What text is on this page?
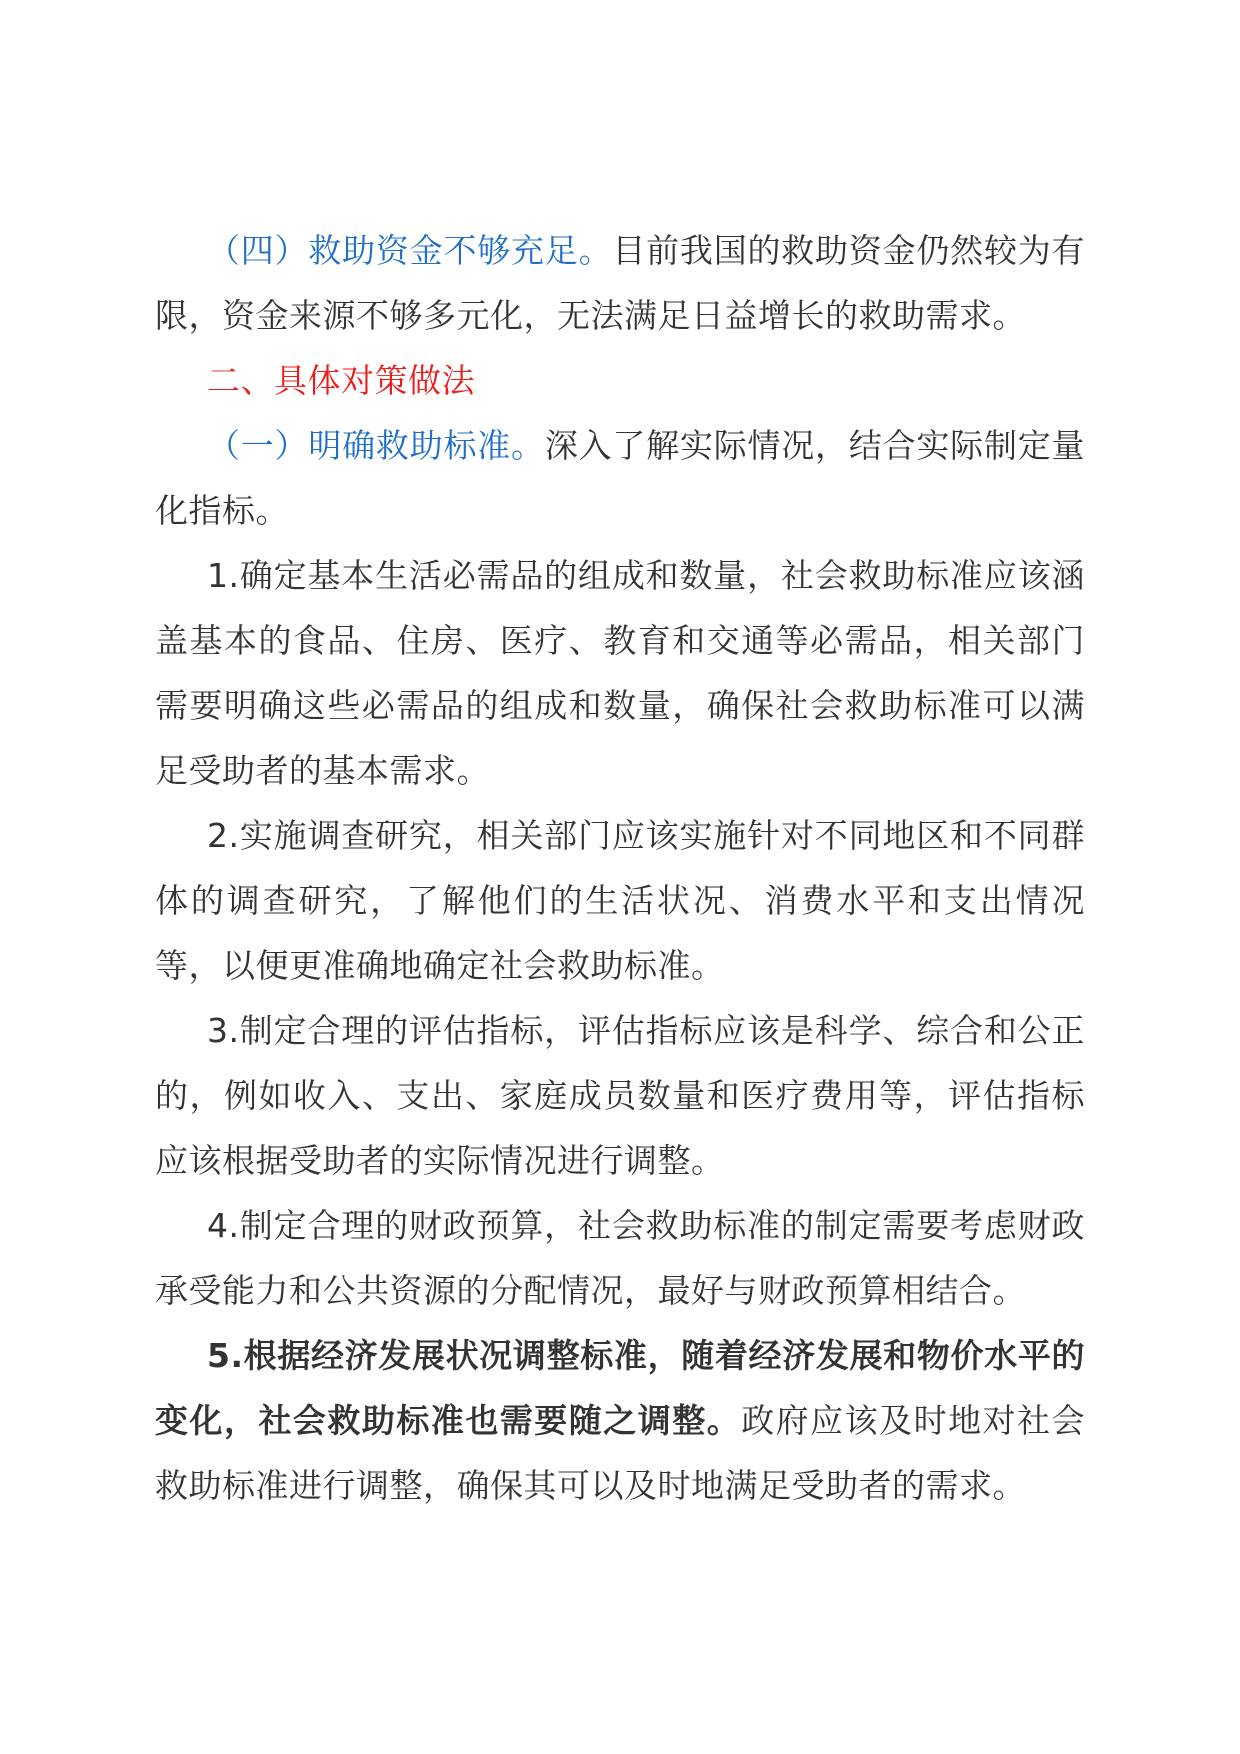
（四）救助资金不够充足。目前我国的救助资金仍然较为有限，资金来源不够多元化，无法满足日益增长的救助需求。

二、具体对策做法

（一）明确救助标准。深入了解实际情况，结合实际制定量化指标。

1.确定基本生活必需品的组成和数量，社会救助标准应该涵盖基本的食品、住房、医疗、教育和交通等必需品，相关部门需要明确这些必需品的组成和数量，确保社会救助标准可以满足受助者的基本需求。

2.实施调查研究，相关部门应该实施针对不同地区和不同群体的调查研究，了解他们的生活状况、消费水平和支出情况等，以便更准确地确定社会救助标准。

3.制定合理的评估指标，评估指标应该是科学、综合和公正的，例如收入、支出、家庭成员数量和医疗费用等，评估指标应该根据受助者的实际情况进行调整。

4.制定合理的财政预算，社会救助标准的制定需要考虑财政承受能力和公共资源的分配情况，最好与财政预算相结合。

5.根据经济发展状况调整标准，随着经济发展和物价水平的变化，社会救助标准也需要随之调整。政府应该及时地对社会救助标准进行调整，确保其可以及时地满足受助者的需求。
